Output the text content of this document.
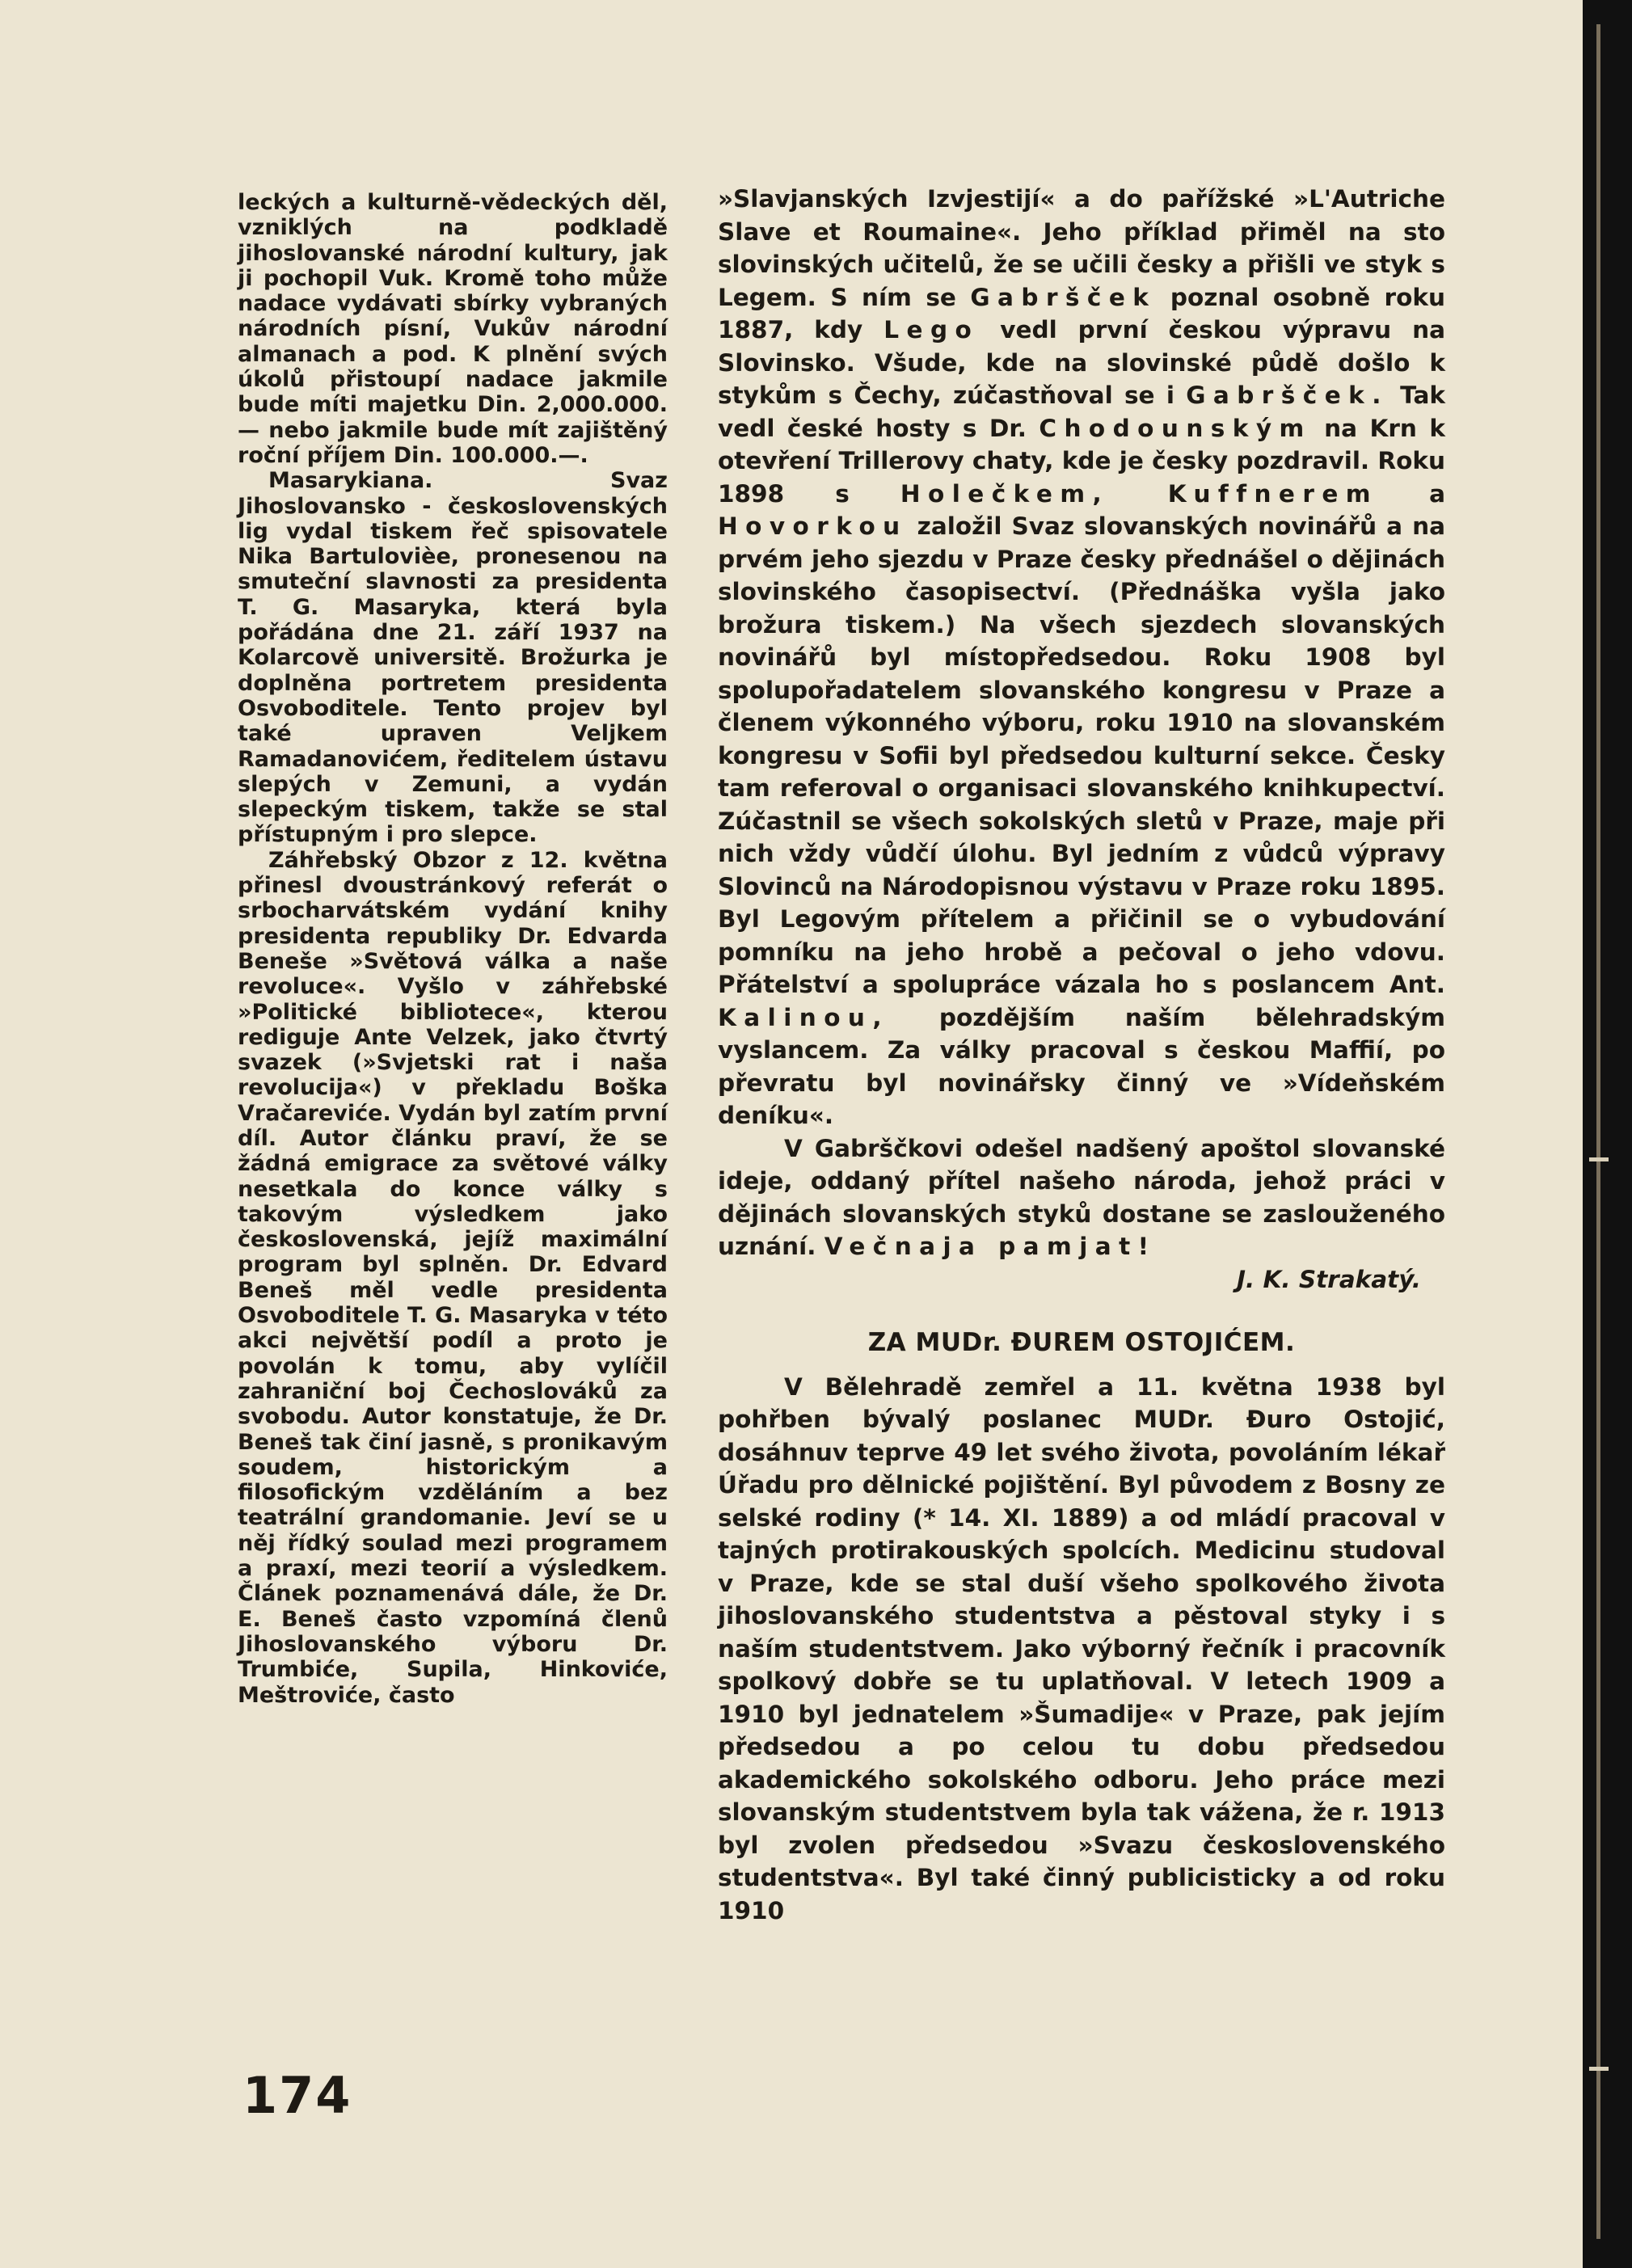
leckých a kulturně-vědeckých děl, vzniklých na podkladě jihoslovanské národní kultury, jak ji pochopil Vuk. Kromě toho může nadace vydávati sbírky vybraných národních písní, Vukův národní almanach a pod. K plnění svých úkolů přistoupí nadace jakmile bude míti majetku Din. 2,000.000.— nebo jakmile bude mít zajištěný roční příjem Din. 100.000.—.

Masarykiana. Svaz Jihoslovansko - československých lig vydal tiskem řeč spisovatele Nika Bartulovièe, pronesenou na smuteční slavnosti za presidenta T. G. Masaryka, která byla pořádána dne 21. září 1937 na Kolarcově universitě. Brožurka je doplněna portretem presidenta Osvoboditele. Tento projev byl také upraven Veljkem Ramadanovićem, ředitelem ústavu slepých v Zemuni, a vydán slepeckým tiskem, takže se stal přístupným i pro slepce.

Záhřebský Obzor z 12. května přinesl dvoustránkový referát o srbocharvátském vydání knihy presidenta republiky Dr. Edvarda Beneše »Světová válka a naše revoluce«. Vyšlo v záhřebské »Politické bibliotece«, kterou rediguje Ante Velzek, jako čtvrtý svazek (»Svjetski rat i naša revolucija«) v překladu Boška Vračareviće. Vydán byl zatím první díl. Autor článku praví, že se žádná emigrace za světové války nesetkala do konce války s takovým výsledkem jako československá, jejíž maximální program byl splněn. Dr. Edvard Beneš měl vedle presidenta Osvoboditele T. G. Masaryka v této akci největší podíl a proto je povolán k tomu, aby vylíčil zahraniční boj Čechoslováků za svobodu. Autor konstatuje, že Dr. Beneš tak činí jasně, s pronikavým soudem, historickým a filosofickým vzděláním a bez teatrální grandomanie. Jeví se u něj řídký soulad mezi programem a praxí, mezi teorií a výsledkem. Článek poznamenává dále, že Dr. E. Beneš často vzpomíná členů Jihoslovanského výboru Dr. Trumbiće, Supila, Hinkoviće, Meštroviće, často

»Slavjanských Izvjestijí« a do pařížské »L'Autriche Slave et Roumaine«. Jeho příklad přiměl na sto slovinských učitelů, že se učili česky a přišli ve styk s Legem. S ním se Gabršček poznal osobně roku 1887, kdy Lego vedl první českou výpravu na Slovinsko. Všude, kde na slovinské půdě došlo k stykům s Čechy, zúčastňoval se i Gabršček. Tak vedl české hosty s Dr. Chodounským na Krn k otevření Trillerovy chaty, kde je česky pozdravil. Roku 1898 s Holečkem, Kuffnerem a Hovorkou založil Svaz slovanských novinářů a na prvém jeho sjezdu v Praze česky přednášel o dějinách slovinského časopisectví. (Přednáška vyšla jako brožura tiskem.) Na všech sjezdech slovanských novinářů byl místopředsedou. Roku 1908 byl spolupořadatelem slovanského kongresu v Praze a členem výkonného výboru, roku 1910 na slovanském kongresu v Sofii byl předsedou kulturní sekce. Česky tam referoval o organisaci slovanského knihkupectví. Zúčastnil se všech sokolských sletů v Praze, maje při nich vždy vůdčí úlohu. Byl jedním z vůdců výpravy Slovinců na Národopisnou výstavu v Praze roku 1895. Byl Legovým přítelem a přičinil se o vybudování pomníku na jeho hrobě a pečoval o jeho vdovu. Přátelství a spolupráce vázala ho s poslancem Ant. Kalinou, pozdějším naším bělehradským vyslancem. Za války pracoval s českou Maffií, po převratu byl novinářsky činný ve »Vídeňském deníku«.

V Gabrščkovi odešel nadšený apoštol slovanské ideje, oddaný přítel našeho národa, jehož práci v dějinách slovanských styků dostane se zaslouženého uznání. Večnaja pamjat!

J. K. Strakatý.

ZA MUDr. ĐUREM OSTOJIĆEM.

V Bělehradě zemřel a 11. května 1938 byl pohřben bývalý poslanec MUDr. Đuro Ostojić, dosáhnuv teprve 49 let svého života, povoláním lékař Úřadu pro dělnické pojištění. Byl původem z Bosny ze selské rodiny (* 14. XI. 1889) a od mládí pracoval v tajných protirakouských spolcích. Medicinu studoval v Praze, kde se stal duší všeho spolkového života jihoslovanského studentstva a pěstoval styky i s naším studentstvem. Jako výborný řečník i pracovník spolkový dobře se tu uplatňoval. V letech 1909 a 1910 byl jednatelem »Šumadije« v Praze, pak jejím předsedou a po celou tu dobu předsedou akademického sokolského odboru. Jeho práce mezi slovanským studentstvem byla tak vážena, že r. 1913 byl zvolen předsedou »Svazu československého studentstva«. Byl také činný publicisticky a od roku 1910

174
